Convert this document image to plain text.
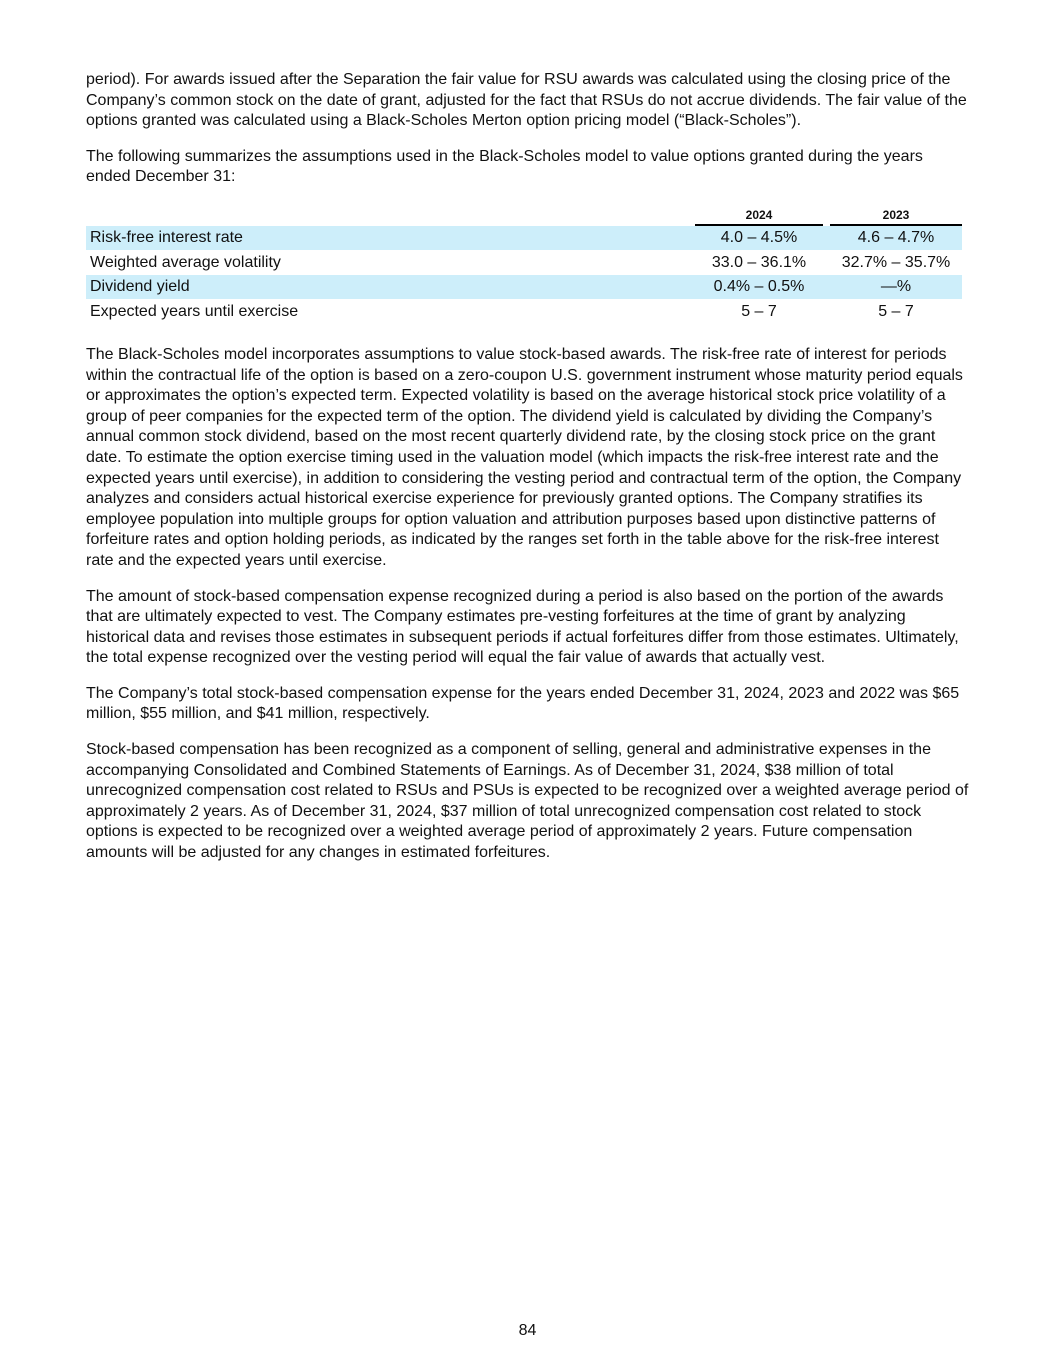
period). For awards issued after the Separation the fair value for RSU awards was calculated using the closing price of the Company’s common stock on the date of grant, adjusted for the fact that RSUs do not accrue dividends. The fair value of the options granted was calculated using a Black-Scholes Merton option pricing model (“Black-Scholes”).

The following summarizes the assumptions used in the Black-Scholes model to value options granted during the years ended December 31:

	2024		2023
Risk-free interest rate	4.0 – 4.5%		4.6 – 4.7%
Weighted average volatility	33.0 – 36.1%		32.7% – 35.7%
Dividend yield	0.4% – 0.5%		—%
Expected years until exercise	5 – 7		5 – 7

The Black-Scholes model incorporates assumptions to value stock-based awards. The risk-free rate of interest for periods within the contractual life of the option is based on a zero-coupon U.S. government instrument whose maturity period equals or approximates the option’s expected term. Expected volatility is based on the average historical stock price volatility of a group of peer companies for the expected term of the option. The dividend yield is calculated by dividing the Company’s annual common stock dividend, based on the most recent quarterly dividend rate, by the closing stock price on the grant date. To estimate the option exercise timing used in the valuation model (which impacts the risk-free interest rate and the expected years until exercise), in addition to considering the vesting period and contractual term of the option, the Company analyzes and considers actual historical exercise experience for previously granted options. The Company stratifies its employee population into multiple groups for option valuation and attribution purposes based upon distinctive patterns of forfeiture rates and option holding periods, as indicated by the ranges set forth in the table above for the risk-free interest rate and the expected years until exercise.

The amount of stock-based compensation expense recognized during a period is also based on the portion of the awards that are ultimately expected to vest. The Company estimates pre-vesting forfeitures at the time of grant by analyzing historical data and revises those estimates in subsequent periods if actual forfeitures differ from those estimates. Ultimately, the total expense recognized over the vesting period will equal the fair value of awards that actually vest.

The Company’s total stock-based compensation expense for the years ended December 31, 2024, 2023 and 2022 was $65 million, $55 million, and $41 million, respectively.

Stock-based compensation has been recognized as a component of selling, general and administrative expenses in the accompanying Consolidated and Combined Statements of Earnings. As of December 31, 2024, $38 million of total unrecognized compensation cost related to RSUs and PSUs is expected to be recognized over a weighted average period of approximately 2 years. As of December 31, 2024, $37 million of total unrecognized compensation cost related to stock options is expected to be recognized over a weighted average period of approximately 2 years. Future compensation amounts will be adjusted for any changes in estimated forfeitures.

84
